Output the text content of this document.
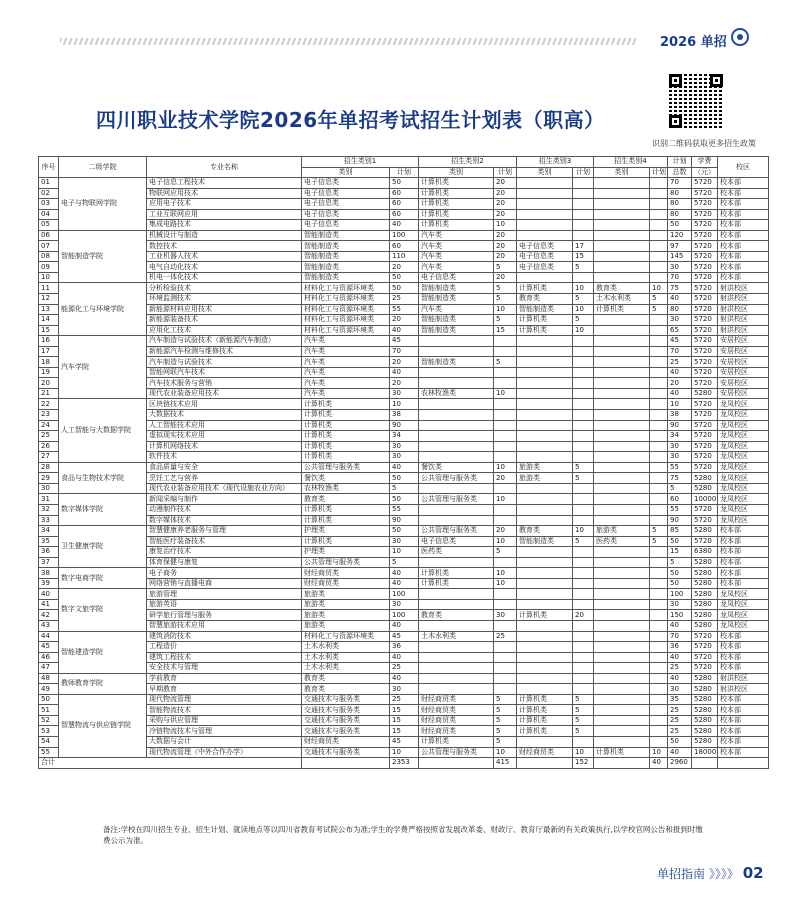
2026 单招
四川职业技术学院2026年单招考试招生计划表（职高）
识别二维码获取更多招生政策
序号	二级学院	专业名称	招生类别1		招生类别2		招生类别3		招生类别4		计划	学费	校区
			类别	计划	类别	计划	类别	计划	类别	计划	总数	（元）	
01	电子与物联网学院	电子信息工程技术	电子信息类	50	计算机类	20					70	5720	校本部
02		物联网应用技术	电子信息类	60	计算机类	20					80	5720	校本部
03		应用电子技术	电子信息类	60	计算机类	20					80	5720	校本部
04		工业互联网应用	电子信息类	60	计算机类	20					80	5720	校本部
05		集成电路技术	电子信息类	40	计算机类	10					50	5720	校本部
06	智能制造学院	机械设计与制造	智能制造类	100	汽车类	20					120	5720	校本部
07		数控技术	智能制造类	60	汽车类	20	电子信息类	17			97	5720	校本部
08		工业机器人技术	智能制造类	110	汽车类	20	电子信息类	15			145	5720	校本部
09		电气自动化技术	智能制造类	20	汽车类	5	电子信息类	5			30	5720	校本部
10		机电一体化技术	智能制造类	50	电子信息类	20					70	5720	校本部
11	能源化工与环境学院	分析检验技术	材料化工与资源环境类	50	智能制造类	5	计算机类	10	教育类	10	75	5720	射洪校区
12		环境监测技术	材料化工与资源环境类	25	智能制造类	5	教育类	5	土木水利类	5	40	5720	射洪校区
13		新能源材料应用技术	材料化工与资源环境类	55	汽车类	10	智能制造类	10	计算机类	5	80	5720	射洪校区
14		新能源装备技术	材料化工与资源环境类	20	智能制造类	5	计算机类	5			30	5720	射洪校区
15		应用化工技术	材料化工与资源环境类	40	智能制造类	15	计算机类	10			65	5720	射洪校区
16	汽车学院	汽车制造与试验技术（新能源汽车制造）	汽车类	45							45	5720	安居校区
17		新能源汽车检测与维修技术	汽车类	70							70	5720	安居校区
18		汽车制造与试验技术	汽车类	20	智能制造类	5					25	5720	安居校区
19		智能网联汽车技术	汽车类	40							40	5720	安居校区
20		汽车技术服务与营销	汽车类	20							20	5720	安居校区
21		现代农业装备应用技术	汽车类	30	农林牧渔类	10					40	5280	安居校区
22	人工智能与大数据学院	区块链技术应用	计算机类	10							10	5720	龙凤校区
23		大数据技术	计算机类	38							38	5720	龙凤校区
24		人工智能技术应用	计算机类	90							90	5720	龙凤校区
25		虚拟现实技术应用	计算机类	34							34	5720	龙凤校区
26		计算机网络技术	计算机类	30							30	5720	龙凤校区
27		软件技术	计算机类	30							30	5720	龙凤校区
28	食品与生物技术学院	食品质量与安全	公共管理与服务类	40	餐饮类	10	旅游类	5			55	5720	龙凤校区
29		烹饪工艺与营养	餐饮类	50	公共管理与服务类	20	旅游类	5			75	5280	龙凤校区
30		现代农业装备应用技术（现代设施农业方向）	农林牧渔类	5							5	5280	龙凤校区
31	数字媒体学院	新闻采编与制作	教育类	50	公共管理与服务类	10					60	10000	龙凤校区
32		动漫制作技术	计算机类	55							55	5720	龙凤校区
33		数字媒体技术	计算机类	90							90	5720	龙凤校区
34	卫生健康学院	智慧健康养老服务与管理	护理类	50	公共管理与服务类	20	教育类	10	旅游类	5	85	5280	校本部
35		智能医疗装备技术	计算机类	30	电子信息类	10	智能制造类	5	医药类	5	50	5720	校本部
36		康复治疗技术	护理类	10	医药类	5					15	6380	校本部
37		体育保健与康复	公共管理与服务类	5							5	5280	校本部
38	数字电商学院	电子商务	财经商贸类	40	计算机类	10					50	5280	校本部
39		网络营销与直播电商	财经商贸类	40	计算机类	10					50	5280	校本部
40	数字文旅学院	旅游管理	旅游类	100							100	5280	龙凤校区
41		旅游英语	旅游类	30							30	5280	龙凤校区
42		研学旅行管理与服务	旅游类	100	教育类	30	计算机类	20			150	5280	龙凤校区
43		智慧旅游技术应用	旅游类	40							40	5280	龙凤校区
44	智能建造学院	建筑消防技术	材料化工与资源环境类	45	土木水利类	25					70	5720	校本部
45		工程造价	土木水利类	36							36	5720	校本部
46		建筑工程技术	土木水利类	40							40	5720	校本部
47		安全技术与管理	土木水利类	25							25	5720	校本部
48	教师教育学院	学前教育	教育类	40							40	5280	射洪校区
49		早期教育	教育类	30							30	5280	射洪校区
50	智慧物流与供应链学院	现代物流管理	交通技术与服务类	25	财经商贸类	5	计算机类	5			35	5280	校本部
51		智能物流技术	交通技术与服务类	15	财经商贸类	5	计算机类	5			25	5280	校本部
52		采购与供应管理	交通技术与服务类	15	财经商贸类	5	计算机类	5			25	5280	校本部
53		冷链物流技术与管理	交通技术与服务类	15	财经商贸类	5	计算机类	5			25	5280	校本部
54		大数据与会计	财经商贸类	45	计算机类	5					50	5280	校本部
55		现代物流管理（中外合作办学）	交通技术与服务类	10	公共管理与服务类	10	财经商贸类	10	计算机类	10	40	18000	校本部
合计				2353		415		152		40	2960		
备注:学校在四川招生专业、招生计划、就读地点等以四川省教育考试院公布为准;学生的学费严格按照省发展改革委、财政厅、教育厅最新的有关政策执行,以学校官网公告和报到时缴费公示为准。
单招指南 》》》》 02
